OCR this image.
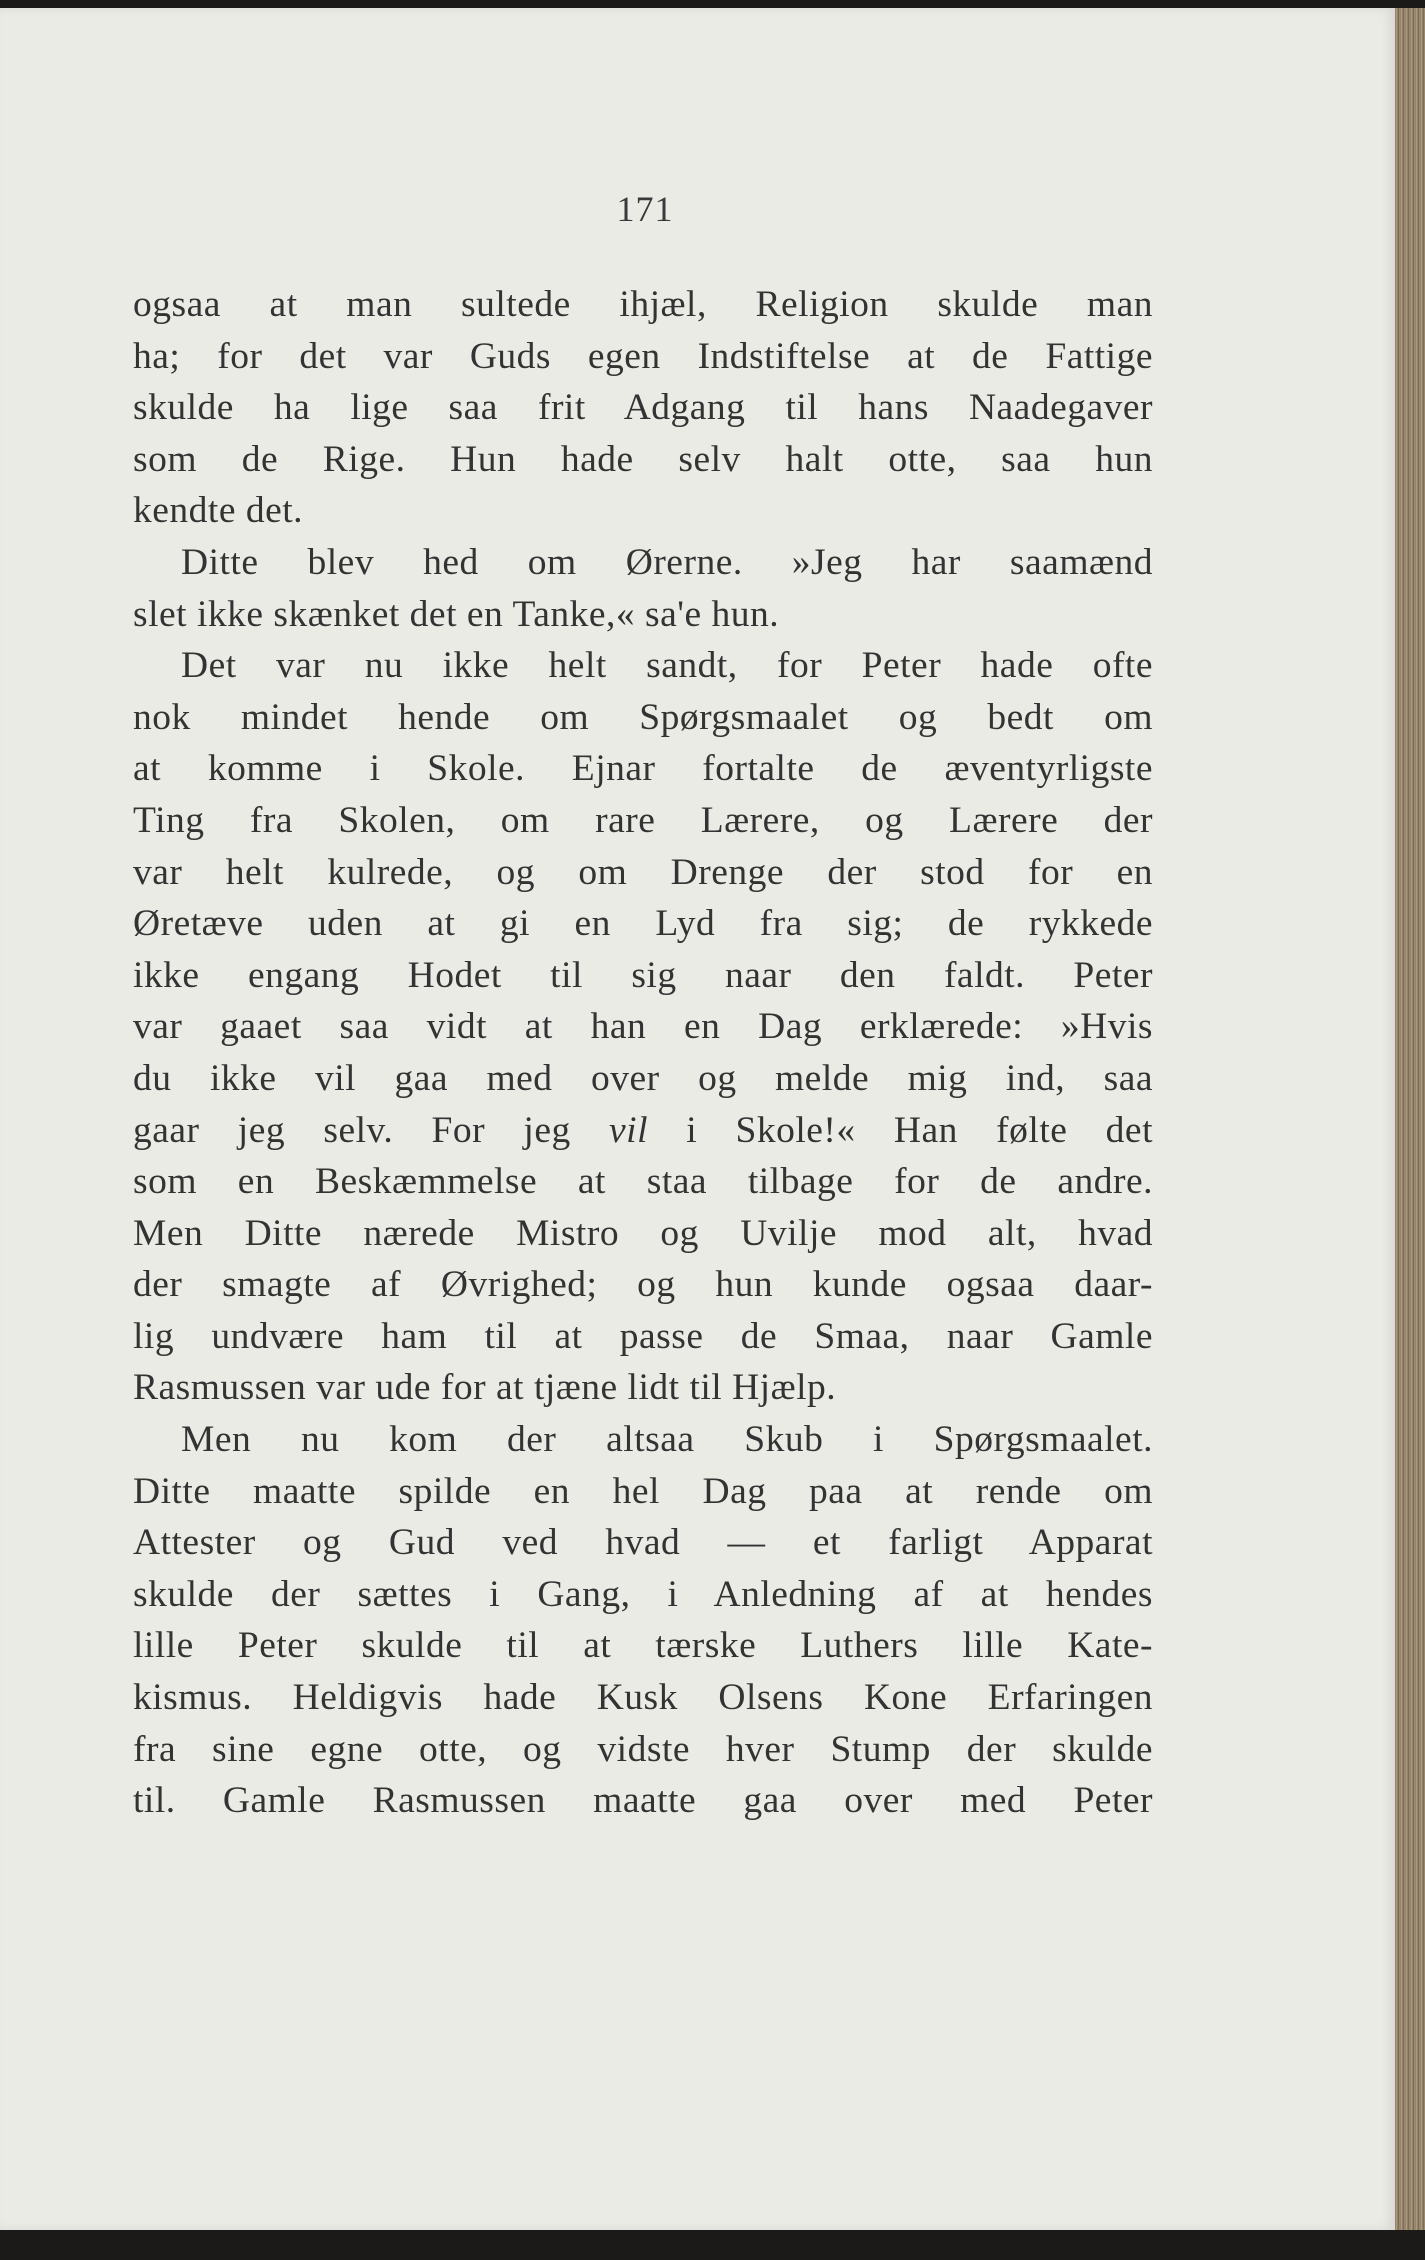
171
ogsaa at man sultede ihjæl, Religion skulde man
ha; for det var Guds egen Indstiftelse at de Fattige
skulde ha lige saa frit Adgang til hans Naadegaver
som de Rige. Hun hade selv halt otte, saa hun
kendte det.
Ditte blev hed om Ørerne. »Jeg har saamænd
slet ikke skænket det en Tanke,« sa'e hun.
Det var nu ikke helt sandt, for Peter hade ofte
nok mindet hende om Spørgsmaalet og bedt om
at komme i Skole. Ejnar fortalte de æventyrligste
Ting fra Skolen, om rare Lærere, og Lærere der
var helt kulrede, og om Drenge der stod for en
Øretæve uden at gi en Lyd fra sig; de rykkede
ikke engang Hodet til sig naar den faldt. Peter
var gaaet saa vidt at han en Dag erklærede: »Hvis
du ikke vil gaa med over og melde mig ind, saa
gaar jeg selv. For jeg vil i Skole!« Han følte det
som en Beskæmmelse at staa tilbage for de andre.
Men Ditte nærede Mistro og Uvilje mod alt, hvad
der smagte af Øvrighed; og hun kunde ogsaa daar-
lig undvære ham til at passe de Smaa, naar Gamle
Rasmussen var ude for at tjæne lidt til Hjælp.
Men nu kom der altsaa Skub i Spørgsmaalet.
Ditte maatte spilde en hel Dag paa at rende om
Attester og Gud ved hvad — et farligt Apparat
skulde der sættes i Gang, i Anledning af at hendes
lille Peter skulde til at tærske Luthers lille Kate-
kismus. Heldigvis hade Kusk Olsens Kone Erfaringen
fra sine egne otte, og vidste hver Stump der skulde
til. Gamle Rasmussen maatte gaa over med Peter
